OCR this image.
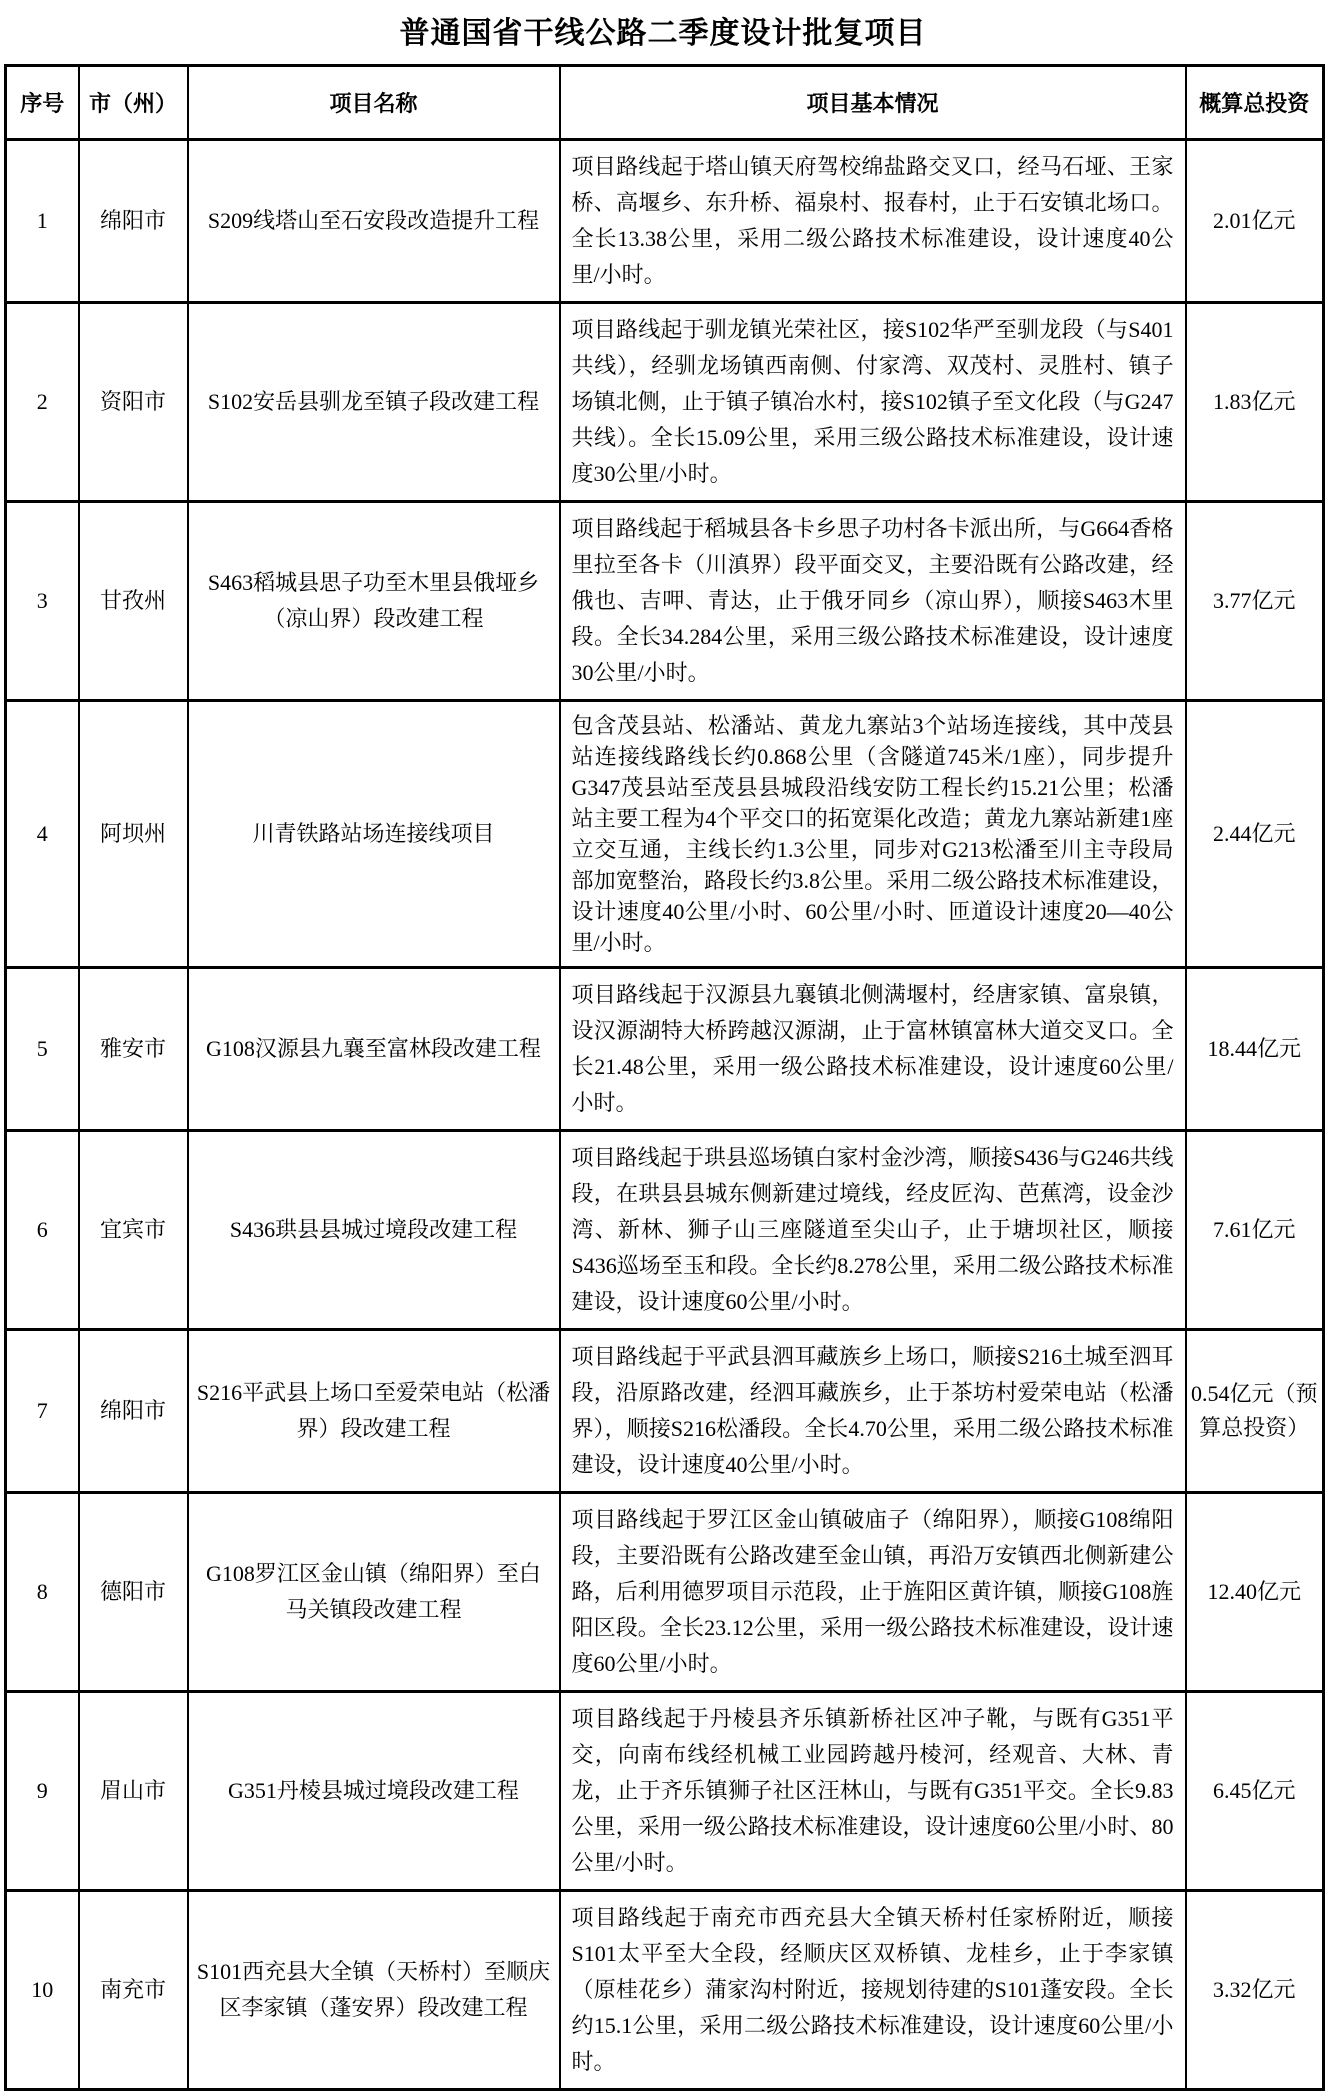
普通国省干线公路二季度设计批复项目
序号	市（州）	项目名称	项目基本情况	概算总投资
1	绵阳市	S209线塔山至石安段改造提升工程	项目路线起于塔山镇天府驾校绵盐路交叉口，经马石垭、王家桥、高堰乡、东升桥、福泉村、报春村，止于石安镇北场口。全长13.38公里，采用二级公路技术标准建设，设计速度40公里/小时。	2.01亿元
2	资阳市	S102安岳县驯龙至镇子段改建工程	项目路线起于驯龙镇光荣社区，接S102华严至驯龙段（与S401共线），经驯龙场镇西南侧、付家湾、双茂村、灵胜村、镇子场镇北侧，止于镇子镇冶水村，接S102镇子至文化段（与G247共线）。全长15.09公里，采用三级公路技术标准建设，设计速度30公里/小时。	1.83亿元
3	甘孜州	S463稻城县思子功至木里县俄垭乡（凉山界）段改建工程	项目路线起于稻城县各卡乡思子功村各卡派出所，与G664香格里拉至各卡（川滇界）段平面交叉，主要沿既有公路改建，经俄也、吉呷、青达，止于俄牙同乡（凉山界），顺接S463木里段。全长34.284公里，采用三级公路技术标准建设，设计速度30公里/小时。	3.77亿元
4	阿坝州	川青铁路站场连接线项目	包含茂县站、松潘站、黄龙九寨站3个站场连接线，其中茂县站连接线路线长约0.868公里（含隧道745米/1座），同步提升G347茂县站至茂县县城段沿线安防工程长约15.21公里；松潘站主要工程为4个平交口的拓宽渠化改造；黄龙九寨站新建1座立交互通，主线长约1.3公里，同步对G213松潘至川主寺段局部加宽整治，路段长约3.8公里。采用二级公路技术标准建设，设计速度40公里/小时、60公里/小时、匝道设计速度20—40公里/小时。	2.44亿元
5	雅安市	G108汉源县九襄至富林段改建工程	项目路线起于汉源县九襄镇北侧满堰村，经唐家镇、富泉镇，设汉源湖特大桥跨越汉源湖，止于富林镇富林大道交叉口。全长21.48公里，采用一级公路技术标准建设，设计速度60公里/小时。	18.44亿元
6	宜宾市	S436珙县县城过境段改建工程	项目路线起于珙县巡场镇白家村金沙湾，顺接S436与G246共线段，在珙县县城东侧新建过境线，经皮匠沟、芭蕉湾，设金沙湾、新林、狮子山三座隧道至尖山子，止于塘坝社区，顺接S436巡场至玉和段。全长约8.278公里，采用二级公路技术标准建设，设计速度60公里/小时。	7.61亿元
7	绵阳市	S216平武县上场口至爱荣电站（松潘界）段改建工程	项目路线起于平武县泗耳藏族乡上场口，顺接S216土城至泗耳段，沿原路改建，经泗耳藏族乡，止于茶坊村爱荣电站（松潘界），顺接S216松潘段。全长4.70公里，采用二级公路技术标准建设，设计速度40公里/小时。	0.54亿元（预算总投资）
8	德阳市	G108罗江区金山镇（绵阳界）至白马关镇段改建工程	项目路线起于罗江区金山镇破庙子（绵阳界），顺接G108绵阳段，主要沿既有公路改建至金山镇，再沿万安镇西北侧新建公路，后利用德罗项目示范段，止于旌阳区黄许镇，顺接G108旌阳区段。全长23.12公里，采用一级公路技术标准建设，设计速度60公里/小时。	12.40亿元
9	眉山市	G351丹棱县城过境段改建工程	项目路线起于丹棱县齐乐镇新桥社区冲子靴，与既有G351平交，向南布线经机械工业园跨越丹棱河，经观音、大林、青龙，止于齐乐镇狮子社区汪林山，与既有G351平交。全长9.83公里，采用一级公路技术标准建设，设计速度60公里/小时、80公里/小时。	6.45亿元
10	南充市	S101西充县大全镇（天桥村）至顺庆区李家镇（蓬安界）段改建工程	项目路线起于南充市西充县大全镇天桥村任家桥附近，顺接S101太平至大全段，经顺庆区双桥镇、龙桂乡，止于李家镇（原桂花乡）蒲家沟村附近，接规划待建的S101蓬安段。全长约15.1公里，采用二级公路技术标准建设，设计速度60公里/小时。	3.32亿元
